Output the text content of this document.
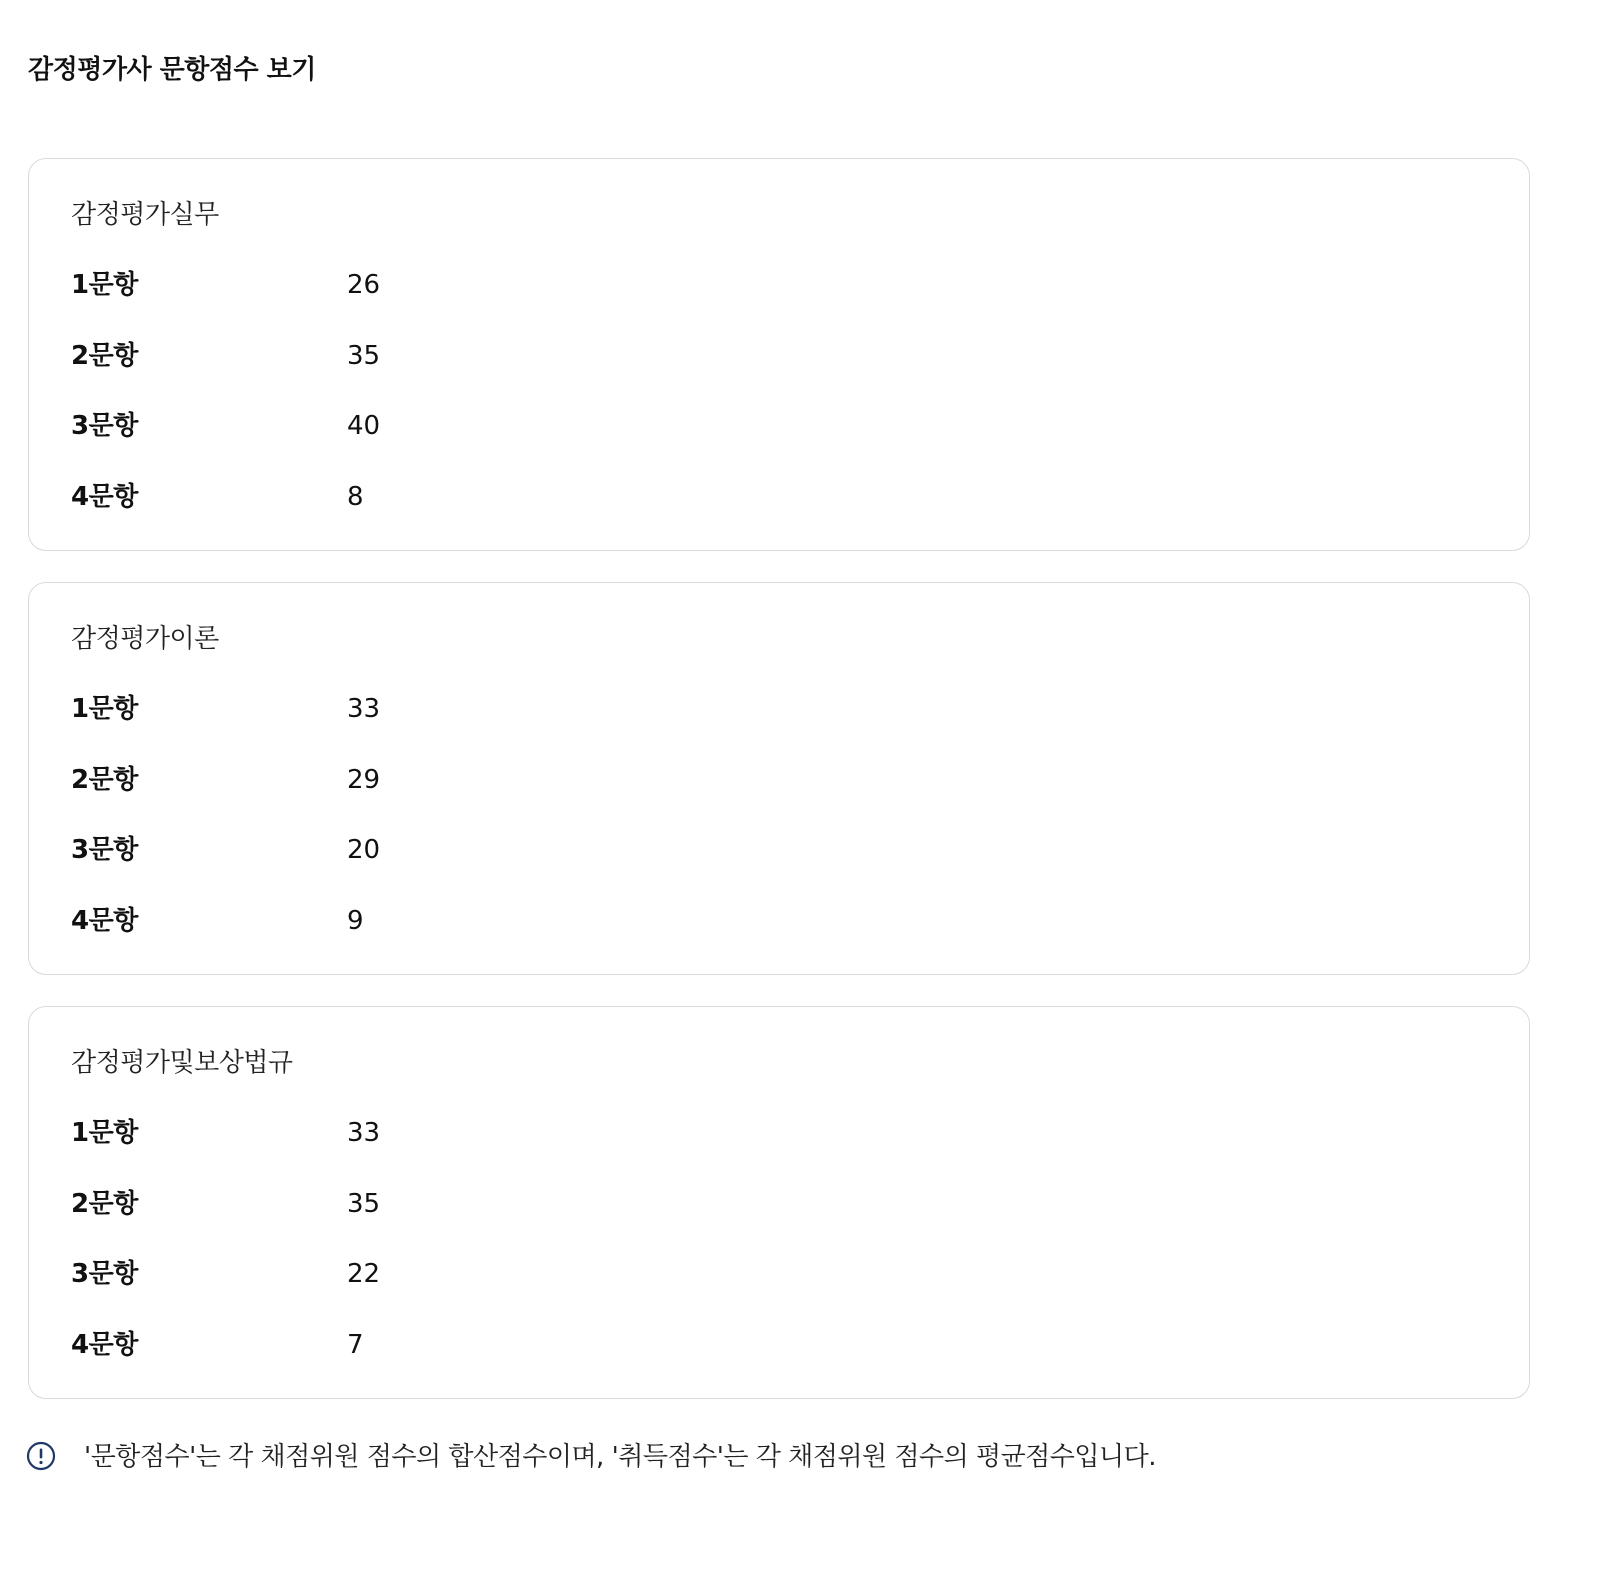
감정평가사 문항점수 보기
감정평가실무
1문항	26
2문항	35
3문항	40
4문항	8
감정평가이론
1문항	33
2문항	29
3문항	20
4문항	9
감정평가및보상법규
1문항	33
2문항	35
3문항	22
4문항	7
'문항점수'는 각 채점위원 점수의 합산점수이며, '취득점수'는 각 채점위원 점수의 평균점수입니다.
